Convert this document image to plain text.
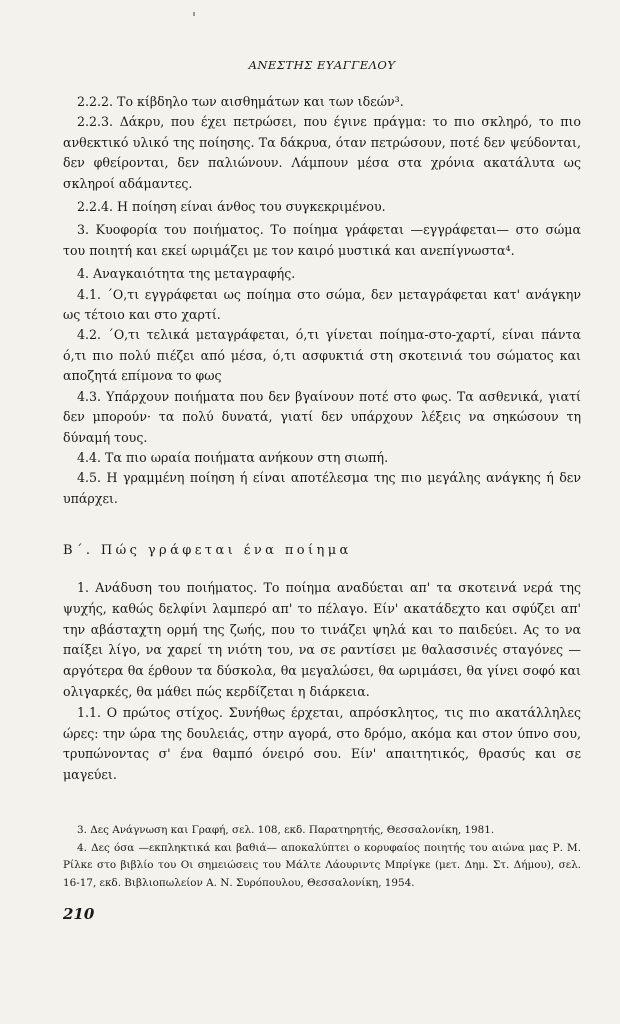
ΑΝΕΣΤΗΣ ΕΥΑΓΓΕΛΟΥ

2.2.2. Το κίβδηλο των αισθημάτων και των ιδεών³.

2.2.3. Δάκρυ, που έχει πετρώσει, που έγινε πράγμα: το πιο σκληρό, το πιο ανθεκτικό υλικό της ποίησης. Τα δάκρυα, όταν πετρώσουν, ποτέ δεν ψεύδονται, δεν φθείρονται, δεν παλιώνουν. Λάμπουν μέσα στα χρόνια ακατάλυτα ως σκληροί αδάμαντες.

2.2.4. Η ποίηση είναι άνθος του συγκεκριμένου.

3. Κυοφορία του ποιήματος. Το ποίημα γράφεται —εγγράφεται— στο σώμα του ποιητή και εκεί ωριμάζει με τον καιρό μυστικά και ανεπίγνωστα⁴.

4. Αναγκαιότητα της μεταγραφής.

4.1. ΄Ο,τι εγγράφεται ως ποίημα στο σώμα, δεν μεταγράφεται κατ' ανάγκην ως τέτοιο και στο χαρτί.

4.2. ΄Ο,τι τελικά μεταγράφεται, ό,τι γίνεται ποίημα-στο-χαρτί, είναι πάντα ό,τι πιο πολύ πιέζει από μέσα, ό,τι ασφυκτιά στη σκοτεινιά του σώματος και αποζητά επίμονα το φως

4.3. Υπάρχουν ποιήματα που δεν βγαίνουν ποτέ στο φως. Τα ασθενικά, γιατί δεν μπορούν· τα πολύ δυνατά, γιατί δεν υπάρχουν λέξεις να σηκώσουν τη δύναμή τους.

4.4. Τα πιο ωραία ποιήματα ανήκουν στη σιωπή.

4.5. Η γραμμένη ποίηση ή είναι αποτέλεσμα της πιο μεγάλης ανάγκης ή δεν υπάρχει.

Β΄. Πώς γράφεται ένα ποίημα

1. Ανάδυση του ποιήματος. Το ποίημα αναδύεται απ' τα σκοτεινά νερά της ψυχής, καθώς δελφίνι λαμπερό απ' το πέλαγο. Είν' ακατάδεχτο και σφύζει απ' την αβάσταχτη ορμή της ζωής, που το τινάζει ψηλά και το παιδεύει. Ας το να παίξει λίγο, να χαρεί τη νιότη του, να σε ραντίσει με θαλασσινές σταγόνες —αργότερα θα έρθουν τα δύσκολα, θα μεγαλώσει, θα ωριμάσει, θα γίνει σοφό και ολιγαρκές, θα μάθει πώς κερδίζεται η διάρκεια.

1.1. Ο πρώτος στίχος. Συνήθως έρχεται, απρόσκλητος, τις πιο ακατάλληλες ώρες: την ώρα της δουλειάς, στην αγορά, στο δρόμο, ακόμα και στον ύπνο σου, τρυπώνοντας σ' ένα θαμπό όνειρό σου. Είν' απαιτητικός, θρασύς και σε μαγεύει.

3. Δες Ανάγνωση και Γραφή, σελ. 108, εκδ. Παρατηρητής, Θεσσαλονίκη, 1981.

4. Δες όσα —εκπληκτικά και βαθιά— αποκαλύπτει ο κορυφαίος ποιητής του αιώνα μας Ρ. Μ. Ρίλκε στο βιβλίο του Οι σημειώσεις του Μάλτε Λάουριντς Μπρίγκε (μετ. Δημ. Στ. Δήμου), σελ. 16-17, εκδ. Βιβλιοπωλείον Α. Ν. Συρόπουλου, Θεσσαλονίκη, 1954.

210
